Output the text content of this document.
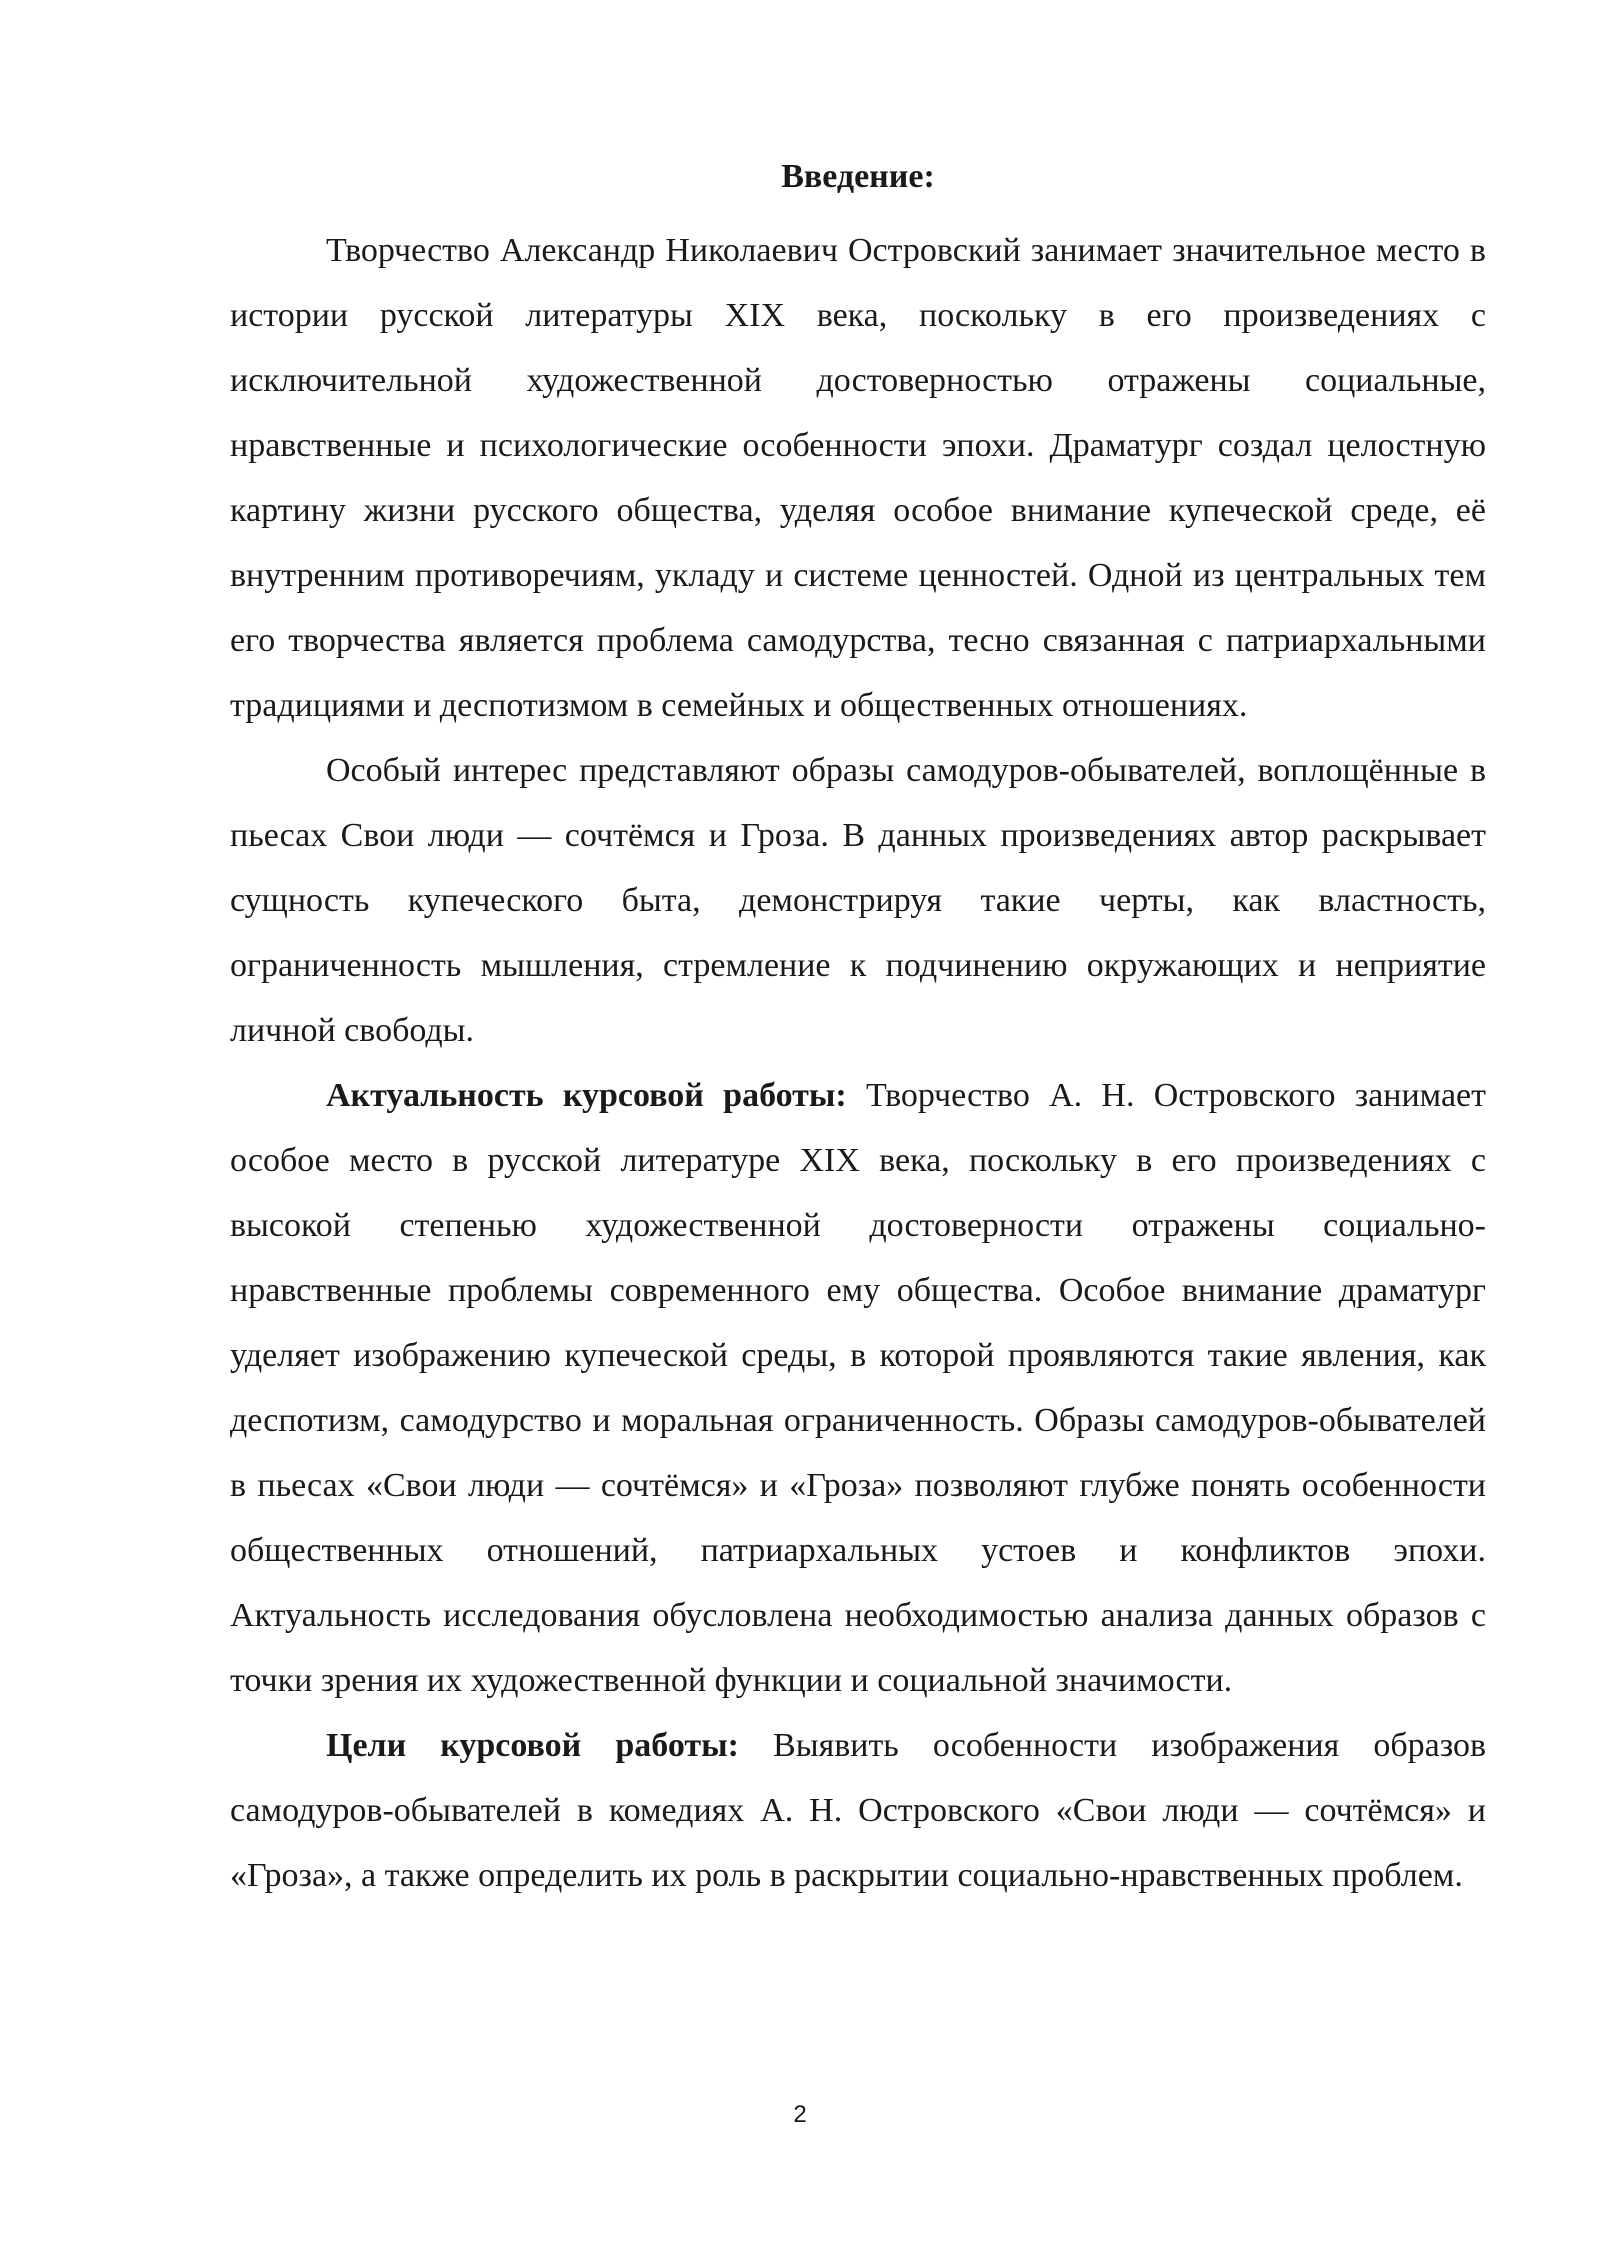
Введение:

Творчество Александр Николаевич Островский занимает значительное место в истории русской литературы XIX века, поскольку в его произведениях с исключительной художественной достоверностью отражены социальные, нравственные и психологические особенности эпохи. Драматург создал целостную картину жизни русского общества, уделяя особое внимание купеческой среде, её внутренним противоречиям, укладу и системе ценностей. Одной из центральных тем его творчества является проблема самодурства, тесно связанная с патриархальными традициями и деспотизмом в семейных и общественных отношениях.

Особый интерес представляют образы самодуров-обывателей, воплощённые в пьесах Свои люди — сочтёмся и Гроза. В данных произведениях автор раскрывает сущность купеческого быта, демонстрируя такие черты, как властность, ограниченность мышления, стремление к подчинению окружающих и неприятие личной свободы.

Актуальность курсовой работы: Творчество А. Н. Островского занимает особое место в русской литературе XIX века, поскольку в его произведениях с высокой степенью художественной достоверности отражены социально-нравственные проблемы современного ему общества. Особое внимание драматург уделяет изображению купеческой среды, в которой проявляются такие явления, как деспотизм, самодурство и моральная ограниченность. Образы самодуров-обывателей в пьесах «Свои люди — сочтёмся» и «Гроза» позволяют глубже понять особенности общественных отношений, патриархальных устоев и конфликтов эпохи. Актуальность исследования обусловлена необходимостью анализа данных образов с точки зрения их художественной функции и социальной значимости.

Цели курсовой работы: Выявить особенности изображения образов самодуров-обывателей в комедиях А. Н. Островского «Свои люди — сочтёмся» и «Гроза», а также определить их роль в раскрытии социально-нравственных проблем.

2
